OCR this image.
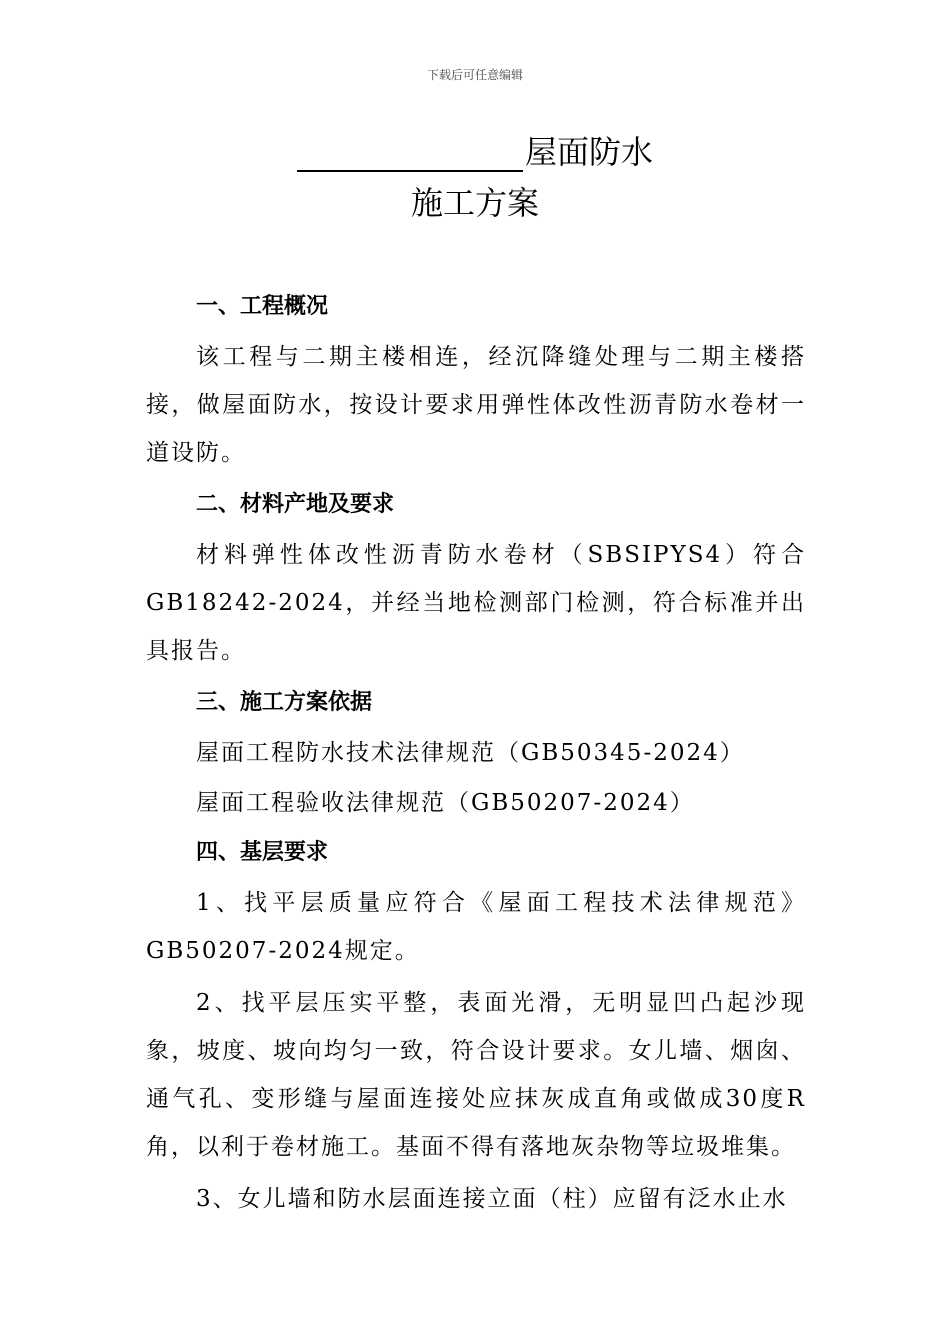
下载后可任意编辑
屋面防水
施工方案

一、工程概况

该工程与二期主楼相连，经沉降缝处理与二期主楼搭接，做屋面防水，按设计要求用弹性体改性沥青防水卷材一道设防。

二、材料产地及要求

材料弹性体改性沥青防水卷材（SBSIPYS4）符合GB18242-2024，并经当地检测部门检测，符合标准并出具报告。

三、施工方案依据

屋面工程防水技术法律规范（GB50345-2024）

屋面工程验收法律规范（GB50207-2024）

四、基层要求

1、找平层质量应符合《屋面工程技术法律规范》GB50207-2024规定。

2、找平层压实平整，表面光滑，无明显凹凸起沙现象，坡度、坡向均匀一致，符合设计要求。女儿墙、烟囱、通气孔、变形缝与屋面连接处应抹灰成直角或做成30度R角，以利于卷材施工。基面不得有落地灰杂物等垃圾堆集。

3、女儿墙和防水层面连接立面（柱）应留有泛水止水
